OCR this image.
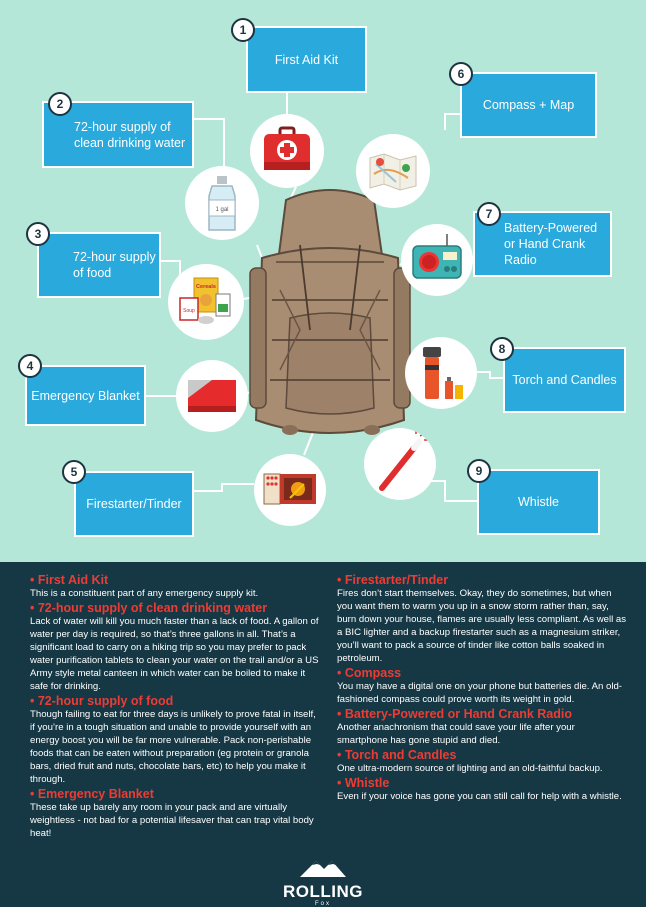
First Aid Kit
72-hour supply of clean drinking water
72-hour supply of food
Emergency Blanket
Firestarter/Tinder
Compass + Map
Battery-Powered or Hand Crank Radio
Torch and Candles
Whistle
1
2
3
4
5
6
7
8
9
1 gal
Cereals
Soup
• First Aid Kit

This is a constituent part of any emergency supply kit.

• 72-hour supply of clean drinking water

Lack of water will kill you much faster than a lack of food. A gallon of water per day is required, so that’s three gallons in all. That’s a significant load to carry on a hiking trip so you may prefer to pack water purification tablets to clean your water on the trail and/or a US Army style metal canteen in which water can be boiled to make it safe for drinking.

• 72-hour supply of food

Though failing to eat for three days is unlikely to prove fatal in itself, if you’re in a tough situation and unable to provide yourself with an energy boost you will be far more vulnerable. Pack non-perishable foods that can be eaten without preparation (eg protein or granola bars, dried fruit and nuts, chocolate bars, etc) to help you make it through.

• Emergency Blanket

These take up barely any room in your pack and are virtually weightless - not bad for a potential lifesaver that can trap vital body heat!

• Firestarter/Tinder

Fires don’t start themselves. Okay, they do sometimes, but when you want them to warm you up in a snow storm rather than, say, burn down your house, flames are usually less compliant. As well as a BIC lighter and a backup firestarter such as a magnesium striker, you’ll want to pack a source of tinder like cotton balls soaked in petroleum.

• Compass

You may have a digital one on your phone but batteries die. An old-fashioned compass could prove worth its weight in gold.

• Battery-Powered or Hand Crank Radio

Another anachronism that could save your life after your smartphone has gone stupid and died.

• Torch and Candles

One ultra-modern source of lighting and an old-faithful backup.

• Whistle

Even if your voice has gone you can still call for help with a whistle.

ROLLING
Fox
